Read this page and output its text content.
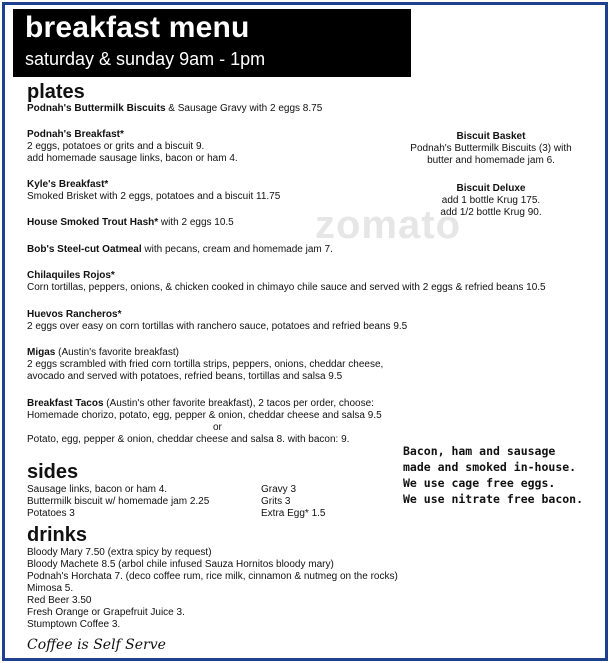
zomato
breakfast menu
saturday & sunday 9am - 1pm
plates
Podnah's Buttermilk Biscuits & Sausage Gravy with 2 eggs 8.75
Podnah's Breakfast*
2 eggs, potatoes or grits and a biscuit 9.
add homemade sausage links, bacon or ham 4.
Kyle's Breakfast*
Smoked Brisket with 2 eggs, potatoes and a biscuit 11.75
House Smoked Trout Hash* with 2 eggs 10.5
Bob's Steel-cut Oatmeal with pecans, cream and homemade jam 7.
Chilaquiles Rojos*
Corn tortillas, peppers, onions, & chicken cooked in chimayo chile sauce and served with 2 eggs & refried beans 10.5
Huevos Rancheros*
2 eggs over easy on corn tortillas with ranchero sauce, potatoes and refried beans 9.5
Migas (Austin's favorite breakfast)
2 eggs scrambled with fried corn tortilla strips, peppers, onions, cheddar cheese,
avocado and served with potatoes, refried beans, tortillas and salsa 9.5
Breakfast Tacos (Austin's other favorite breakfast), 2 tacos per order, choose:
Homemade chorizo, potato, egg, pepper & onion, cheddar cheese and salsa 9.5
or
Potato, egg, pepper & onion, cheddar cheese and salsa 8. with bacon: 9.
Biscuit Basket
Podnah's Buttermilk Biscuits (3) with
butter and homemade jam 6.
Biscuit Deluxe
add 1 bottle Krug 175.
add 1/2 bottle Krug 90.
Bacon, ham and sausage
made and smoked in-house.
We use cage free eggs.
We use nitrate free bacon.
sides
Sausage links, bacon or ham 4.
Buttermilk biscuit w/ homemade jam 2.25
Potatoes 3
Gravy 3
Grits 3
Extra Egg* 1.5
drinks
Bloody Mary 7.50 (extra spicy by request)
Bloody Machete 8.5 (arbol chile infused Sauza Hornitos bloody mary)
Podnah's Horchata 7. (deco coffee rum, rice milk, cinnamon & nutmeg on the rocks)
Mimosa 5.
Red Beer 3.50
Fresh Orange or Grapefruit Juice 3.
Stumptown Coffee 3.
Coffee is Self Serve
